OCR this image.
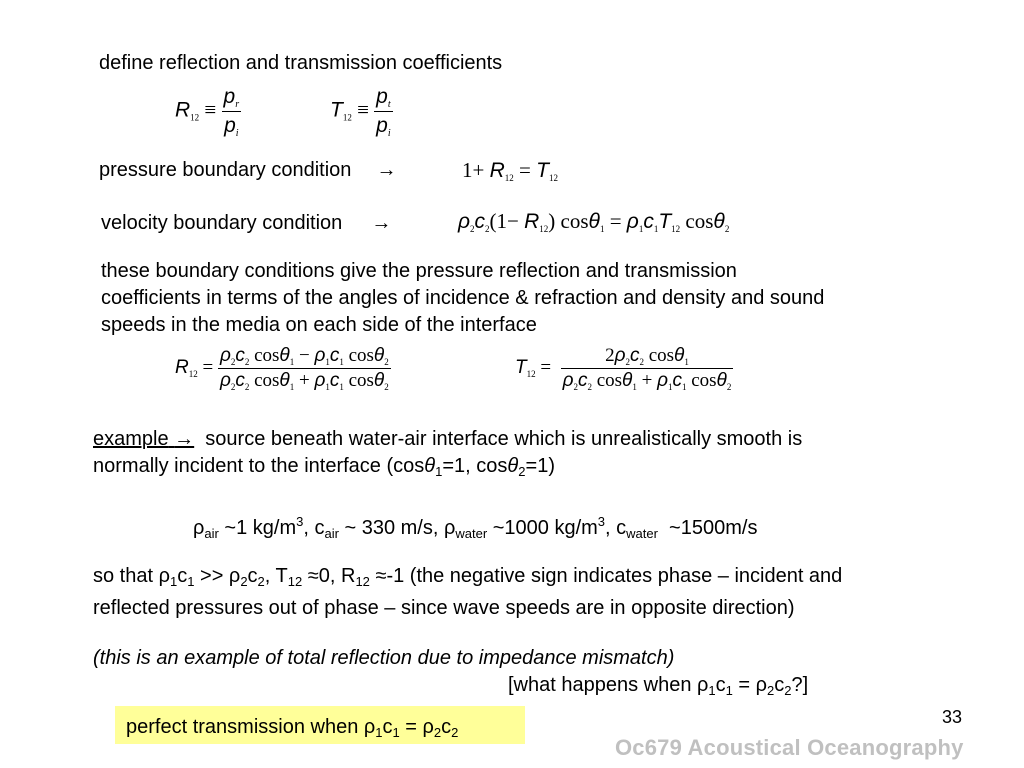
define reflection and transmission coefficients
$R_{12} \equiv \frac{pr}{pi}$	$T_{12} \equiv \frac{pt}{pi}$
pressure boundary condition →	$1+ R_{12} = T_{12}$
velocity boundary condition →	$\rho_2c_2(1- R_{12}) \cos\theta_1 = \rho_1c_1T_{12}$ cosθ$_2$
these boundary conditions give the pressure reflection and transmission
coefficients in terms of the angles of incidence & refraction and density and sound
speeds in the media on each side of the interface
$R_{12} = \frac{\rho_2c_2 \cos\theta_1 - \rho_1c_1 \cos\theta_2}{\rho_2c_2 \cos\theta_1 + \rho_1c_1 \cos\theta_2}$	$T_{12} = \frac{2\rho_2c_2 \cos\theta_1}{\rho_2c_2 \cos\theta_1 + \rho_1c_1 \cos\theta_2}$
example → source beneath water-air interface which is unrealistically smooth is
normally incident to the interface (cosθ$_1$=1, cosθ$_2$=1)
$\rho_{air}$ ~1 $kg/m^3$, $c_{air}$ ~ 330 m/s, $\rho_{water}$ ~1000 $kg/m^3$, $c_{water}$  ~1500m/s
so that $\rho_1c_1 >> \rho_2c_2$, $T_{12} \approx 0$, $R_{12} \approx-1$ (the negative sign indicates phase – incident and
reflected pressures out of phase – since wave speeds are in opposite direction)
(this is an example of total reflection due to impedance mismatch)
[what happens when $\rho_1c_1$ = $\rho_2c_2$?]
perfect transmission when $\rho_1c_1 = \rho_2c_2$
33
Oc679 Acoustical Oceanography
